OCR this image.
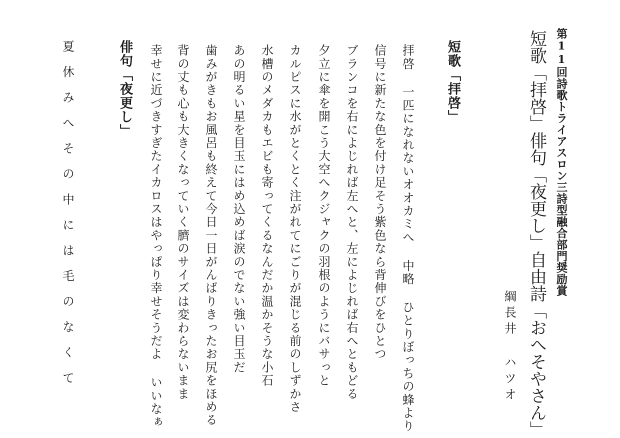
第11回詩歌トライアスロン三詩型融合部門奨励賞
短歌「拝啓」俳句「夜更し」自由詩「おへそやさん」
綱長井 ハツオ
短歌「拝啓」
拝啓 一匹になれないオオカミへ 中略 ひとりぼっちの蜂より
信号に新たな色を付け足そう紫色なら背伸びをひとつ
ブランコを右によじれば左へと、左によじれば右へともどる
夕立に傘を開こう大空へクジャクの羽根のようにバサっと
カルピスに水がとくとく注がれてにごりが混じる前のしずかさ
水槽のメダカもエビも寄ってくるなんだか温かそうな小石
あの明るい星を目玉にはめ込めば涙のでない強い目玉だ
歯みがきもお風呂も終えて今日一日がんばりきったお尻をほめる
背の丈も心も大きくなっていく臍のサイズは変わらないまま
幸せに近づきすぎたイカロスはやっぱり幸せそうだよ いいなぁ
俳句「夜更し」
夏休みへその中には毛のなくて
